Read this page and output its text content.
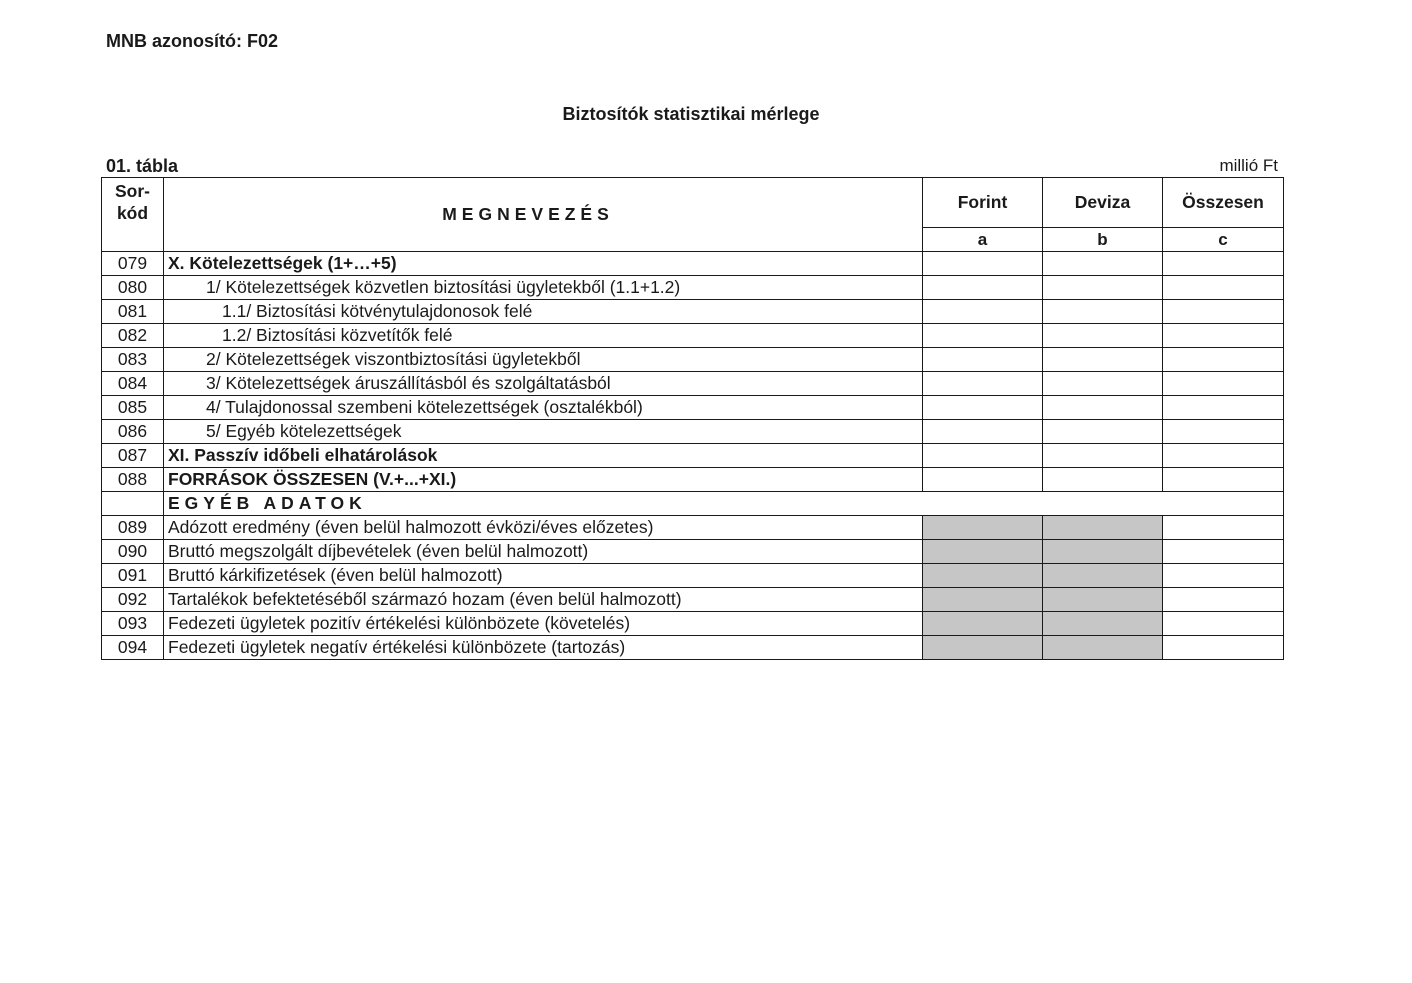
MNB azonosító: F02
Biztosítók statisztikai mérlege
01. tábla	millió Ft
Sor-kód	MEGNEVEZÉS	Forint	Deviza	Összesen
		a	b	c
079	X. Kötelezettségek (1+…+5)			
080	1/ Kötelezettségek közvetlen biztosítási ügyletekből (1.1+1.2)			
081	1.1/ Biztosítási kötvénytulajdonosok felé			
082	1.2/ Biztosítási közvetítők felé			
083	2/ Kötelezettségek viszontbiztosítási ügyletekből			
084	3/ Kötelezettségek áruszállításból és szolgáltatásból			
085	4/ Tulajdonossal szembeni kötelezettségek (osztalékból)			
086	5/ Egyéb kötelezettségek			
087	XI. Passzív időbeli elhatárolások			
088	FORRÁSOK ÖSSZESEN (V.+...+XI.)			
	EGYÉB ADATOK			
089	Adózott eredmény (éven belül halmozott évközi/éves előzetes)			
090	Bruttó megszolgált díjbevételek (éven belül halmozott)			
091	Bruttó kárkifizetések (éven belül halmozott)			
092	Tartalékok befektetéséből származó hozam (éven belül halmozott)			
093	Fedezeti ügyletek pozitív értékelési különbözete (követelés)			
094	Fedezeti ügyletek negatív értékelési különbözete (tartozás)			
